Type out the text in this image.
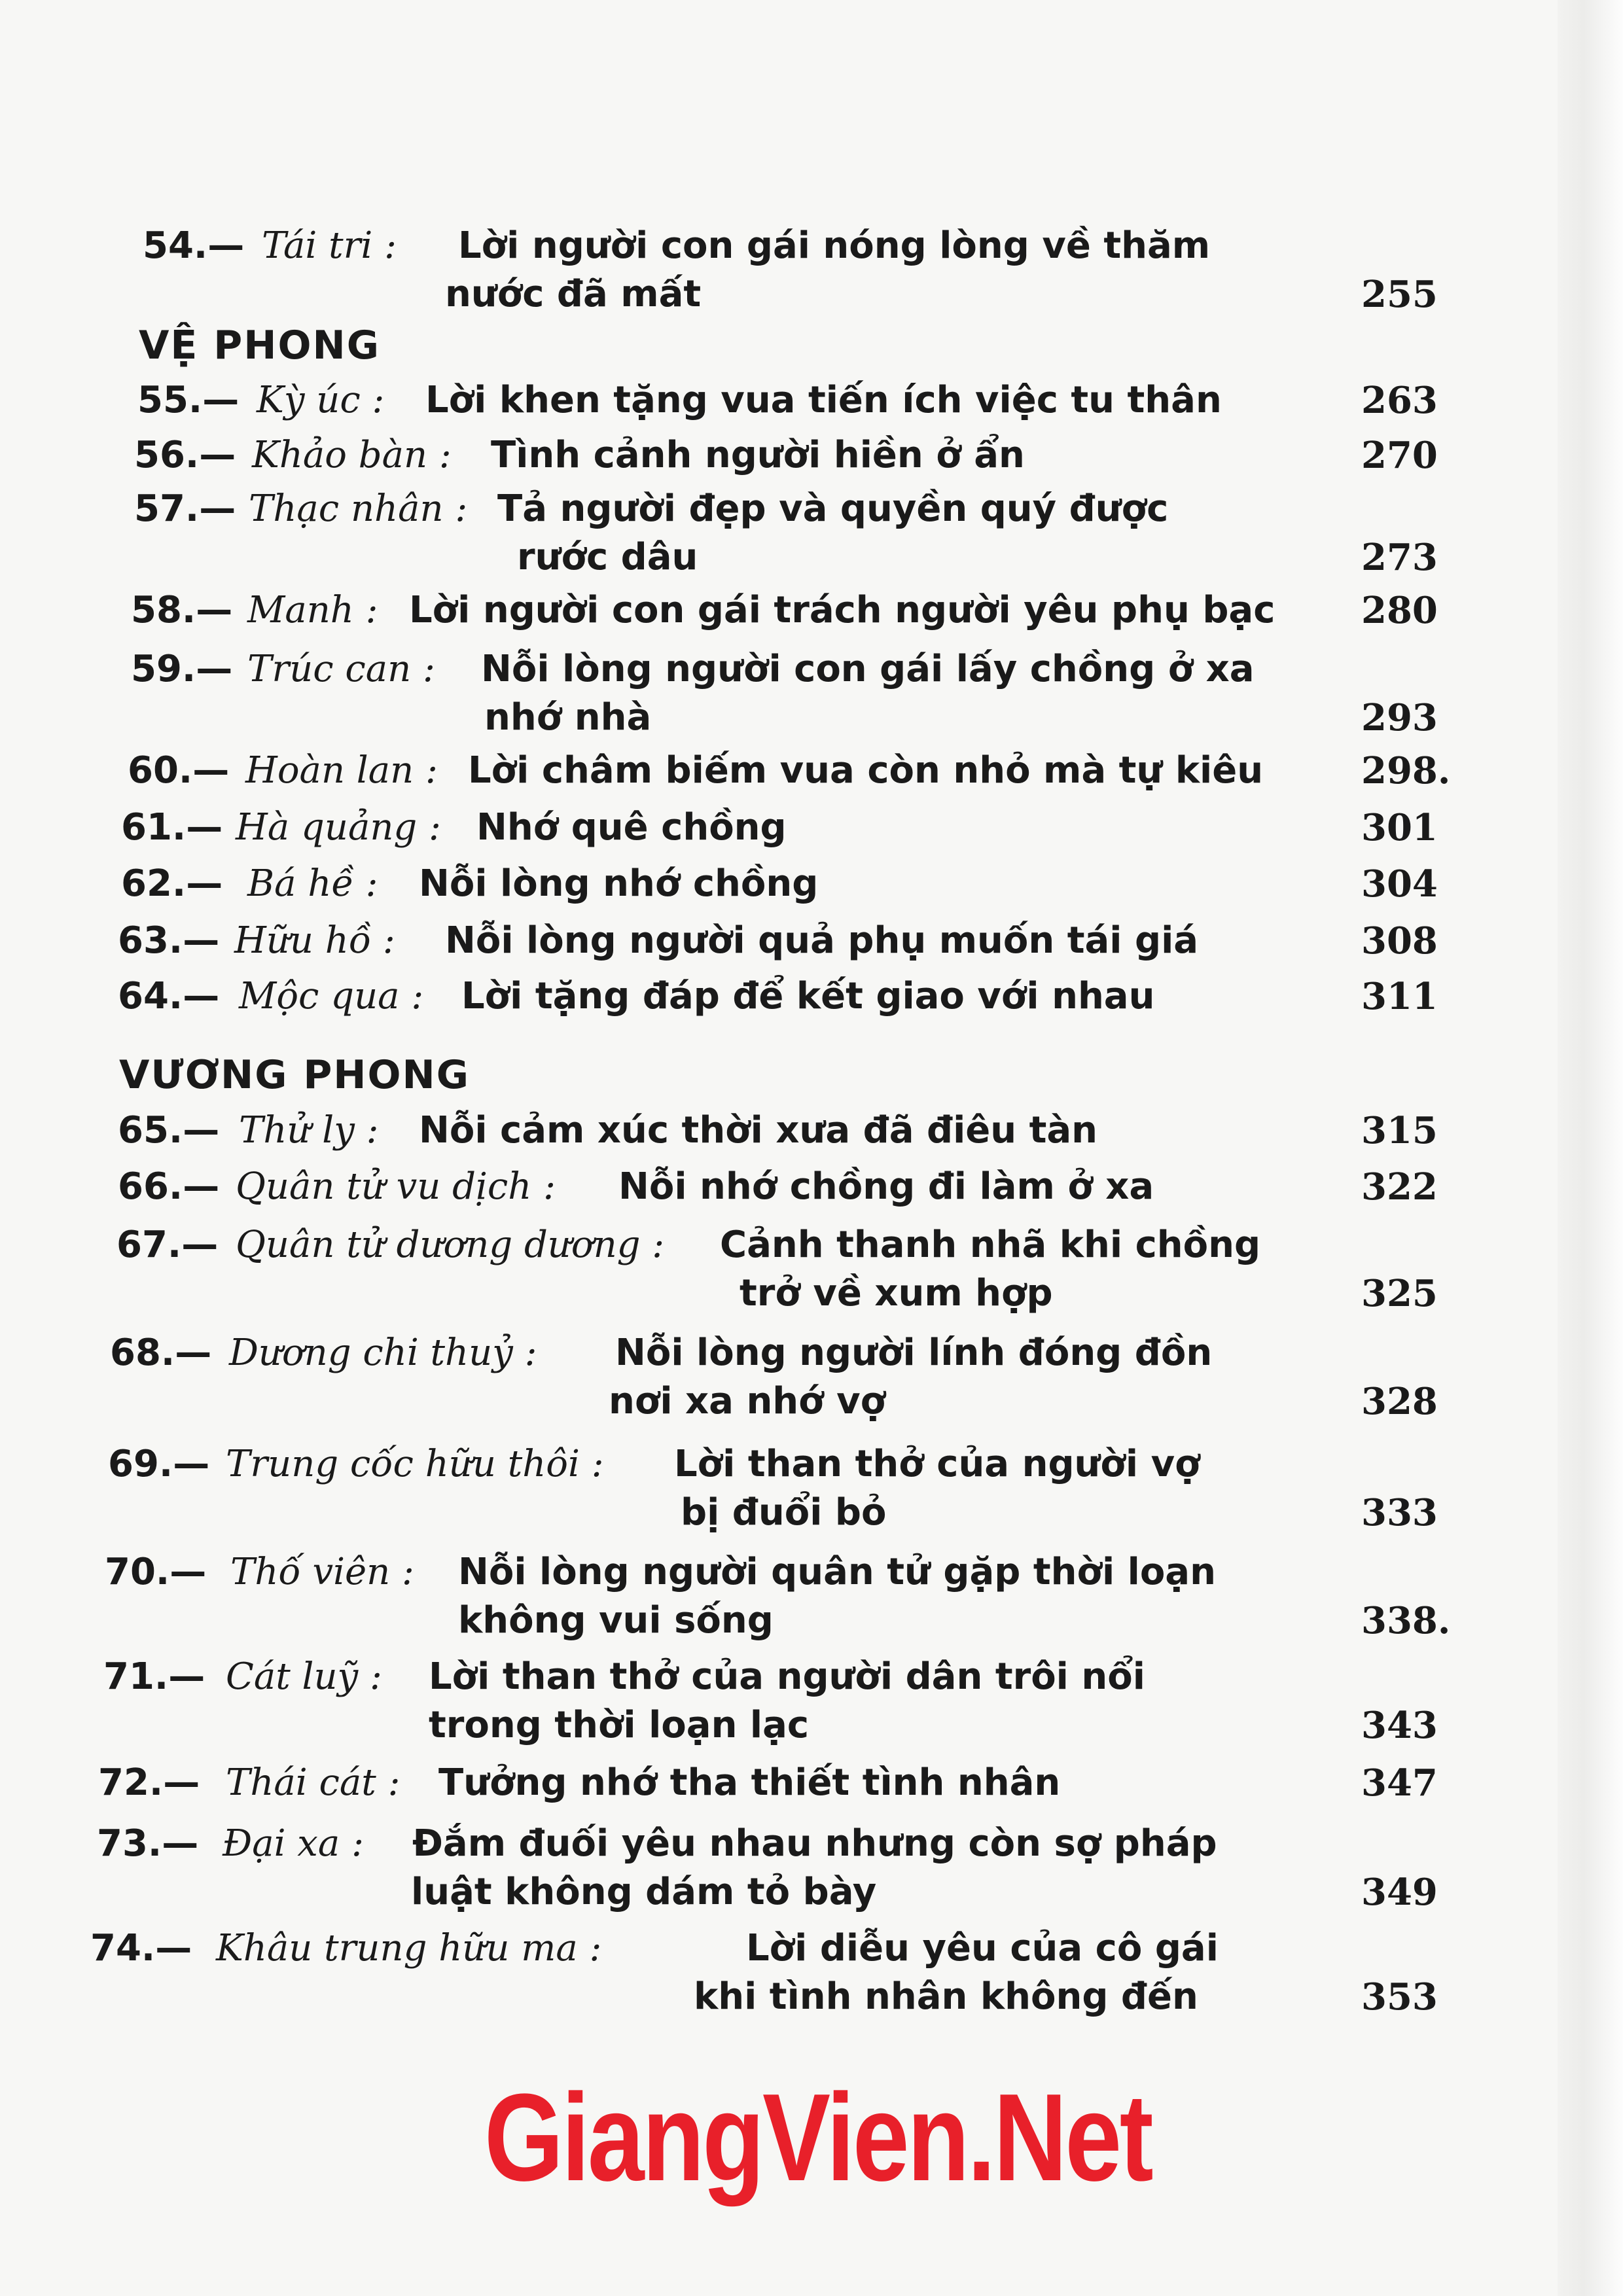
VỆ PHONG
VƯƠNG PHONG
54.— Tái tri : Lời người con gái nóng lòng về thăm
nước đã mất	255
55.— Kỳ úc : Lời khen tặng vua tiến ích việc tu thân	263
56.— Khảo bàn : Tình cảnh người hiền ở ẩn	270
57.— Thạc nhân : Tả người đẹp và quyền quý được
rước dâu	273
58.— Manh : Lời người con gái trách người yêu phụ bạc 280
59.— Trúc can : Nỗi lòng người con gái lấy chồng ở xa
nhớ nhà	293
60.— Hoàn lan : Lời châm biếm vua còn nhỏ mà tự kiêu	298.
61.— Hà quảng : Nhớ quê chồng	301
62.— Bá hề : Nỗi lòng nhớ chồng	304
63.— Hữu hồ : Nỗi lòng người quả phụ muốn tái giá	308
64.— Mộc qua : Lời tặng đáp để kết giao với nhau	311
65.— Thử ly : Nỗi cảm xúc thời xưa đã điêu tàn	315
66.— Quân tử vu dịch : Nỗi nhớ chồng đi làm ở xa	322
67.— Quân tử dương dương : Cảnh thanh nhã khi chồng
trở về xum hợp	325
68.— Dương chi thuỷ : Nỗi lòng người lính đóng đồn
nơi xa nhớ vợ	328
69.— Trung cốc hữu thôi : Lời than thở của người vợ
bị đuổi bỏ	333
70.— Thố viên : Nỗi lòng người quân tử gặp thời loạn
không vui sống	338.
71.— Cát luỹ : Lời than thở của người dân trôi nổi
trong thời loạn lạc	343
72.— Thái cát : Tưởng nhớ tha thiết tình nhân	347
73.— Đại xa : Đắm đuối yêu nhau nhưng còn sợ pháp
luật không dám tỏ bày	349
74.— Khâu trung hữu ma :	Lời diễu yêu của cô gái
khi tình nhân không đến	353
GiangVien.Net
